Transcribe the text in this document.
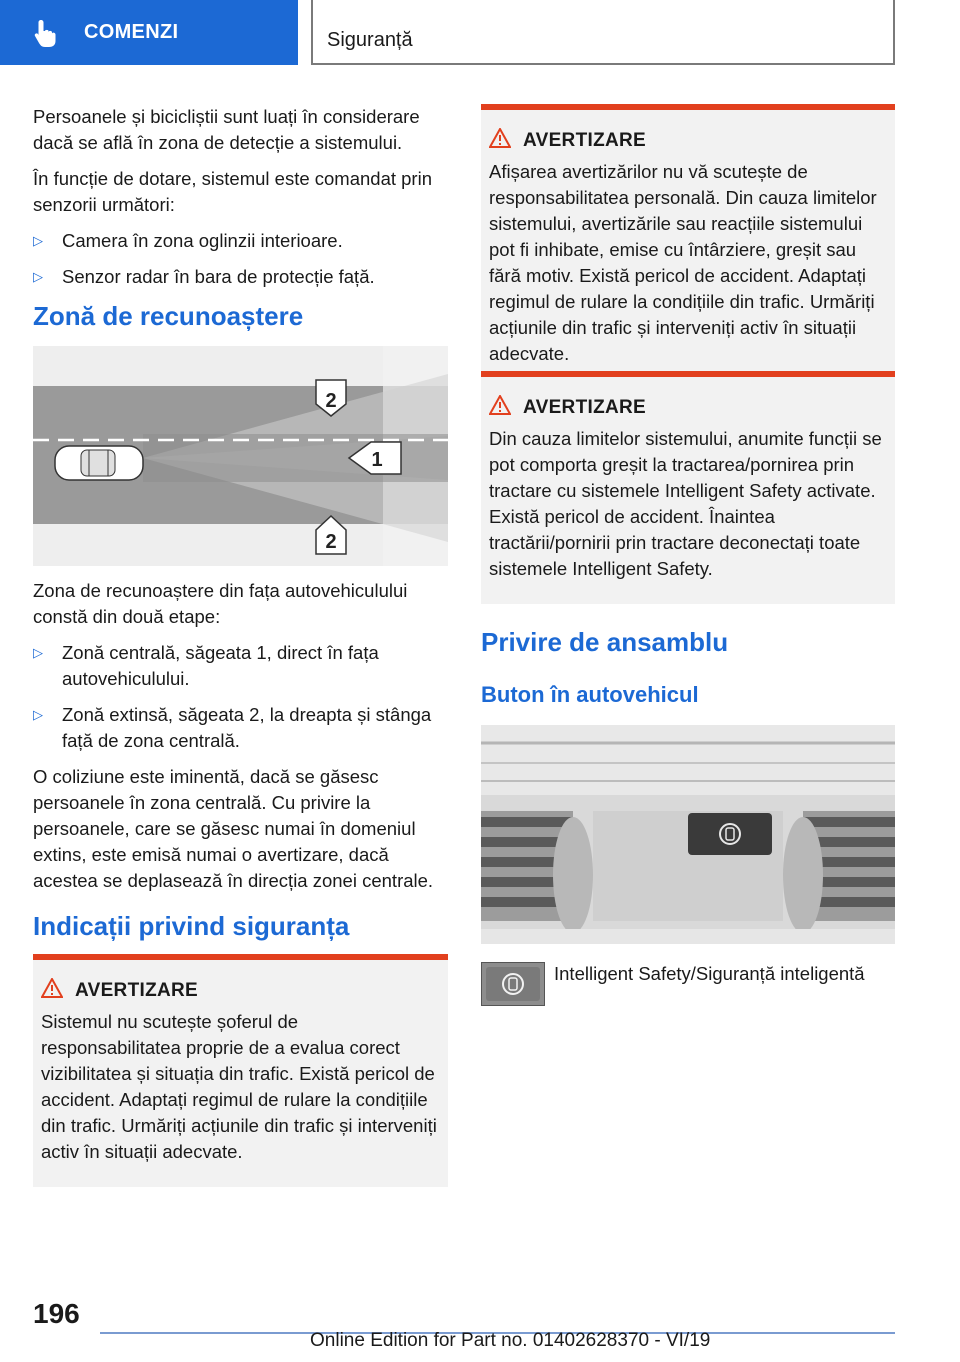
COMENZI	Siguranță

Persoanele și bicicliștii sunt luați în considerare dacă se află în zona de detecție a sistemului.

În funcție de dotare, sistemul este comandat prin senzorii următori:

▷	Camera în zona oglinzii interioare.
▷	Senzor radar în bara de protecție față.
Zonă de recunoaștere
2
1
2

Zona de recunoaștere din fața autovehiculului constă din două etape:

▷	Zonă centrală, săgeata 1, direct în fața autovehiculului.
▷	Zonă extinsă, săgeata 2, la dreapta și stânga față de zona centrală.

O coliziune este iminentă, dacă se găsesc persoanele în zona centrală. Cu privire la persoanele, care se găsesc numai în domeniul extins, este emisă numai o avertizare, dacă acestea se deplasează în direcția zonei centrale.

Indicații privind siguranța
AVERTIZARE
Sistemul nu scutește șoferul de responsabilitatea proprie de a evalua corect vizibilitatea și situația din trafic. Există pericol de accident. Adaptați regimul de rulare la condițiile din trafic. Urmăriți acțiunile din trafic și interveniți activ în situații adecvate.
AVERTIZARE
Afișarea avertizărilor nu vă scutește de responsabilitatea personală. Din cauza limitelor sistemului, avertizările sau reacțiile sistemului pot fi inhibate, emise cu întârziere, greșit sau fără motiv. Există pericol de accident. Adaptați regimul de rulare la condițiile din trafic. Urmăriți acțiunile din trafic și interveniți activ în situații adecvate.
AVERTIZARE
Din cauza limitelor sistemului, anumite funcții se pot comporta greșit la tractarea/pornirea prin tractare cu sistemele Intelligent Safety activate. Există pericol de accident. Înaintea tractării/pornirii prin tractare deconectați toate sistemele Intelligent Safety.
Privire de ansamblu
Buton în autovehicul
Intelligent Safety/Siguranță inteligentă
196
Online Edition for Part no. 01402628370 - VI/19
